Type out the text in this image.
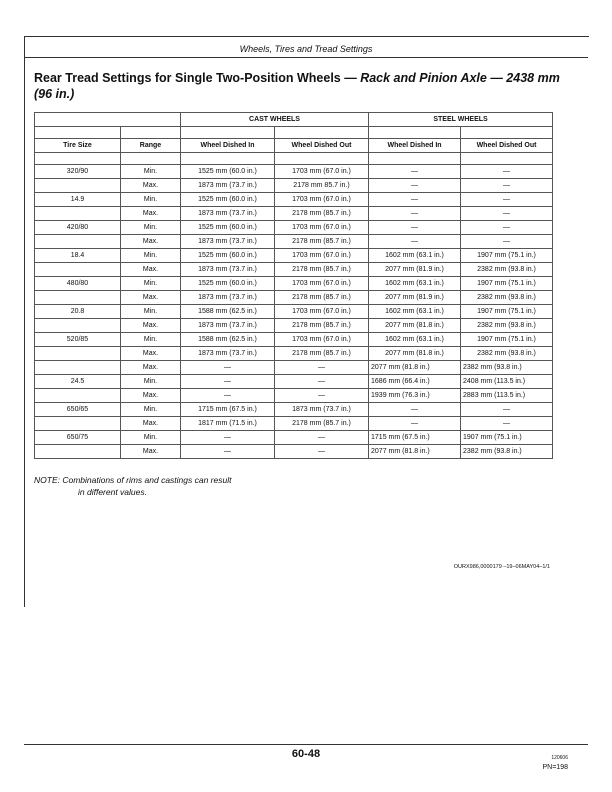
Wheels, Tires and Tread Settings
Rear Tread Settings for Single Two-Position Wheels — Rack and Pinion Axle — 2438 mm (96 in.)
		CAST WHEELS		STEEL WHEELS	

Tire Size	Range	Wheel Dished In	Wheel Dished Out	Wheel Dished In	Wheel Dished Out

320/90	Min.	1525 mm (60.0 in.)	1703 mm (67.0 in.)	—	—
	Max.	1873 mm (73.7 in.)	2178 mm 85.7 in.)	—	—
14.9	Min.	1525 mm (60.0 in.)	1703 mm (67.0 in.)	—	—
	Max.	1873 mm (73.7 in.)	2178 mm (85.7 in.)	—	—
420/80	Min.	1525 mm (60.0 in.)	1703 mm (67.0 in.)	—	—
	Max.	1873 mm (73.7 in.)	2178 mm (85.7 in.)	—	—
18.4	Min.	1525 mm (60.0 in.)	1703 mm (67.0 in.)	1602 mm (63.1 in.)	1907 mm (75.1 in.)
	Max.	1873 mm (73.7 in.)	2178 mm (85.7 in.)	2077 mm (81.9 in.)	2382 mm (93.8 in.)
480/80	Min.	1525 mm (60.0 in.)	1703 mm (67.0 in.)	1602 mm (63.1 in.)	1907 mm (75.1 in.)
	Max.	1873 mm (73.7 in.)	2178 mm (85.7 in.)	2077 mm (81.9 in.)	2382 mm (93.8 in.)
20.8	Min.	1588 mm (62.5 in.)	1703 mm (67.0 in.)	1602 mm (63.1 in.)	1907 mm (75.1 in.)
	Max.	1873 mm (73.7 in.)	2178 mm (85.7 in.)	2077 mm (81.8 in.)	2382 mm (93.8 in.)
520/85	Min.	1588 mm (62.5 in.)	1703 mm (67.0 in.)	1602 mm (63.1 in.)	1907 mm (75.1 in.)
	Max.	1873 mm (73.7 in.)	2178 mm (85.7 in.)	2077 mm (81.8 in.)	2382 mm (93.8 in.)
	Max.	—	—	2077 mm (81.8 in.)	2382 mm (93.8 in.)
24.5	Min.	—	—	1686 mm (66.4 in.)	2408 mm (113.5 in.)
	Max.	—	—	1939 mm (76.3 in.)	2883 mm (113.5 in.)
650/65	Min.	1715 mm (67.5 in.)	1873 mm (73.7 in.)	—	—
	Max.	1817 mm (71.5 in.)	2178 mm (85.7 in.)	—	—
650/75	Min.	—	—	1715 mm (67.5 in.)	1907 mm (75.1 in.)
	Max.	—	—	2077 mm (81.8 in.)	2382 mm (93.8 in.)
NOTE: Combinations of rims and castings can result
in different values.
OURX986,0000179 –19–06MAY04–1/1
60-48	120606
PN=198
